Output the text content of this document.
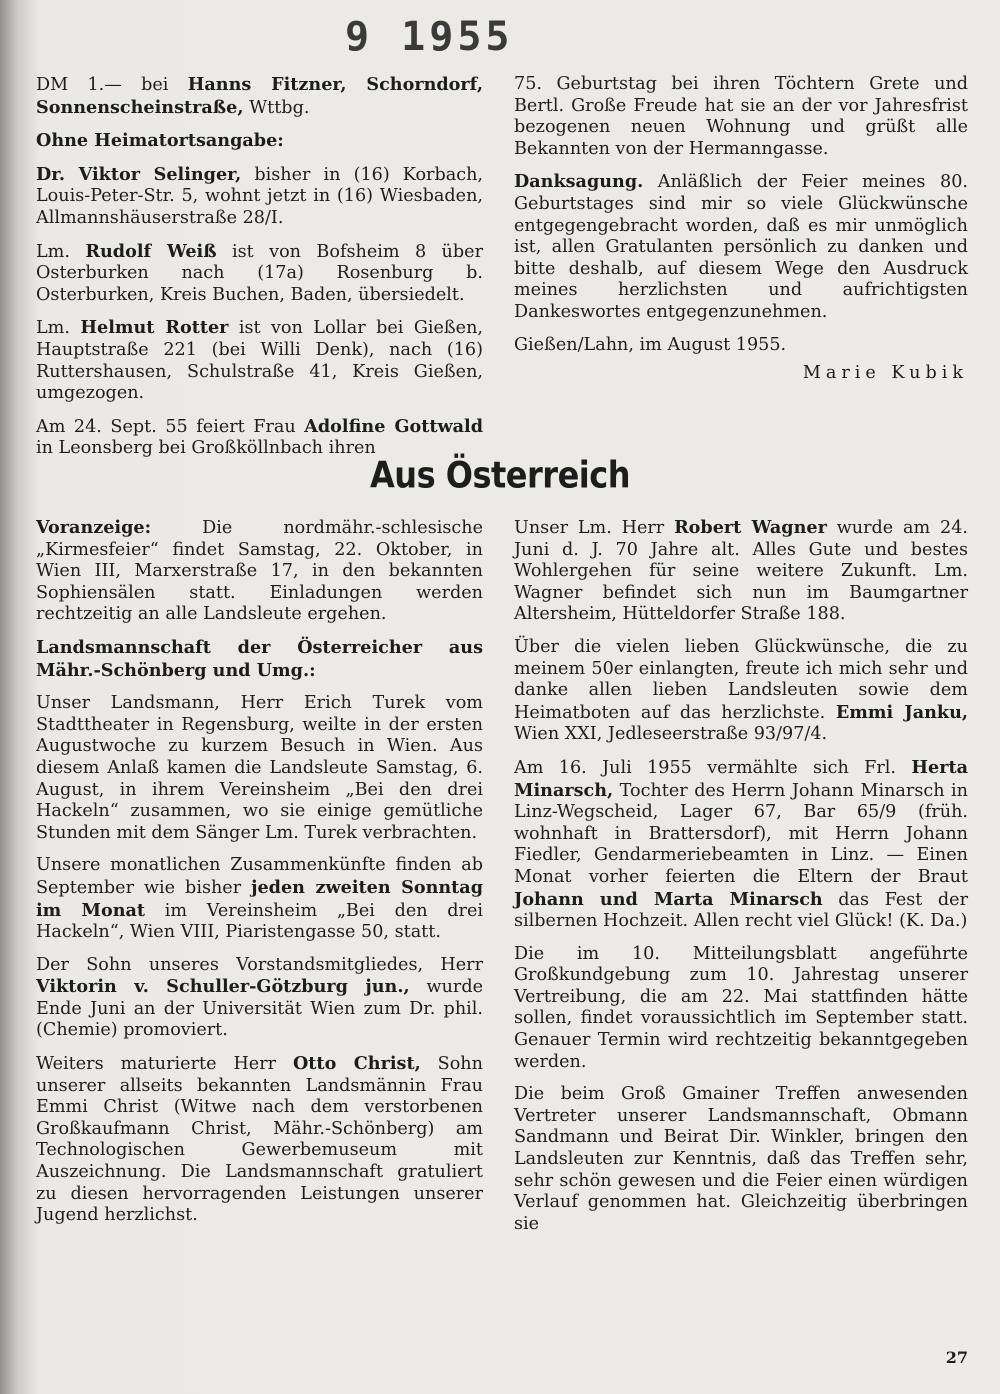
9 1955

DM 1.— bei Hanns Fitzner, Schorndorf, Sonnenscheinstraße, Wttbg.

Ohne Heimatortsangabe:

Dr. Viktor Selinger, bisher in (16) Korbach, Louis-Peter-Str. 5, wohnt jetzt in (16) Wiesbaden, Allmannshäuserstraße 28/I.

Lm. Rudolf Weiß ist von Bofsheim 8 über Osterburken nach (17a) Rosenburg b. Osterburken, Kreis Buchen, Baden, übersiedelt.

Lm. Helmut Rotter ist von Lollar bei Gießen, Hauptstraße 221 (bei Willi Denk), nach (16) Ruttershausen, Schulstraße 41, Kreis Gießen, umgezogen.

Am 24. Sept. 55 feiert Frau Adolfine Gottwald in Leonsberg bei Großköllnbach ihren

75. Geburtstag bei ihren Töchtern Grete und Bertl. Große Freude hat sie an der vor Jahresfrist bezogenen neuen Wohnung und grüßt alle Bekannten von der Hermanngasse.

Danksagung. Anläßlich der Feier meines 80. Geburtstages sind mir so viele Glückwünsche entgegengebracht worden, daß es mir unmöglich ist, allen Gratulanten persönlich zu danken und bitte deshalb, auf diesem Wege den Ausdruck meines herzlichsten und aufrichtigsten Dankeswortes entgegenzunehmen.

Gießen/Lahn, im August 1955.

Marie Kubik
Aus Österreich

Voranzeige: Die nordmähr.-schlesische „Kirmesfeier“ findet Samstag, 22. Oktober, in Wien III, Marxerstraße 17, in den bekannten Sophiensälen statt. Einladungen werden rechtzeitig an alle Landsleute ergehen.

Landsmannschaft der Österreicher aus Mähr.-Schönberg und Umg.:

Unser Landsmann, Herr Erich Turek vom Stadttheater in Regensburg, weilte in der ersten Augustwoche zu kurzem Besuch in Wien. Aus diesem Anlaß kamen die Landsleute Samstag, 6. August, in ihrem Vereinsheim „Bei den drei Hackeln“ zusammen, wo sie einige gemütliche Stunden mit dem Sänger Lm. Turek verbrachten.

Unsere monatlichen Zusammenkünfte finden ab September wie bisher jeden zweiten Sonntag im Monat im Vereinsheim „Bei den drei Hackeln“, Wien VIII, Piaristengasse 50, statt.

Der Sohn unseres Vorstandsmitgliedes, Herr Viktorin v. Schuller-Götzburg jun., wurde Ende Juni an der Universität Wien zum Dr. phil. (Chemie) promoviert.

Weiters maturierte Herr Otto Christ, Sohn unserer allseits bekannten Landsmännin Frau Emmi Christ (Witwe nach dem verstorbenen Großkaufmann Christ, Mähr.-Schönberg) am Technologischen Gewerbemuseum mit Auszeichnung. Die Landsmannschaft gratuliert zu diesen hervorragenden Leistungen unserer Jugend herzlichst.

Unser Lm. Herr Robert Wagner wurde am 24. Juni d. J. 70 Jahre alt. Alles Gute und bestes Wohlergehen für seine weitere Zukunft. Lm. Wagner befindet sich nun im Baumgartner Altersheim, Hütteldorfer Straße 188.

Über die vielen lieben Glückwünsche, die zu meinem 50er einlangten, freute ich mich sehr und danke allen lieben Landsleuten sowie dem Heimatboten auf das herzlichste. Emmi Janku, Wien XXI, Jedleseerstraße 93/97/4.

Am 16. Juli 1955 vermählte sich Frl. Herta Minarsch, Tochter des Herrn Johann Minarsch in Linz-Wegscheid, Lager 67, Bar 65/9 (früh. wohnhaft in Brattersdorf), mit Herrn Johann Fiedler, Gendarmeriebeamten in Linz. — Einen Monat vorher feierten die Eltern der Braut Johann und Marta Minarsch das Fest der silbernen Hochzeit. Allen recht viel Glück! (K. Da.)

Die im 10. Mitteilungsblatt angeführte Großkundgebung zum 10. Jahrestag unserer Vertreibung, die am 22. Mai stattfinden hätte sollen, findet voraussichtlich im September statt. Genauer Termin wird rechtzeitig bekanntgegeben werden.

Die beim Groß Gmainer Treffen anwesenden Vertreter unserer Landsmannschaft, Obmann Sandmann und Beirat Dir. Winkler, bringen den Landsleuten zur Kenntnis, daß das Treffen sehr, sehr schön gewesen und die Feier einen würdigen Verlauf genommen hat. Gleichzeitig überbringen sie

27
